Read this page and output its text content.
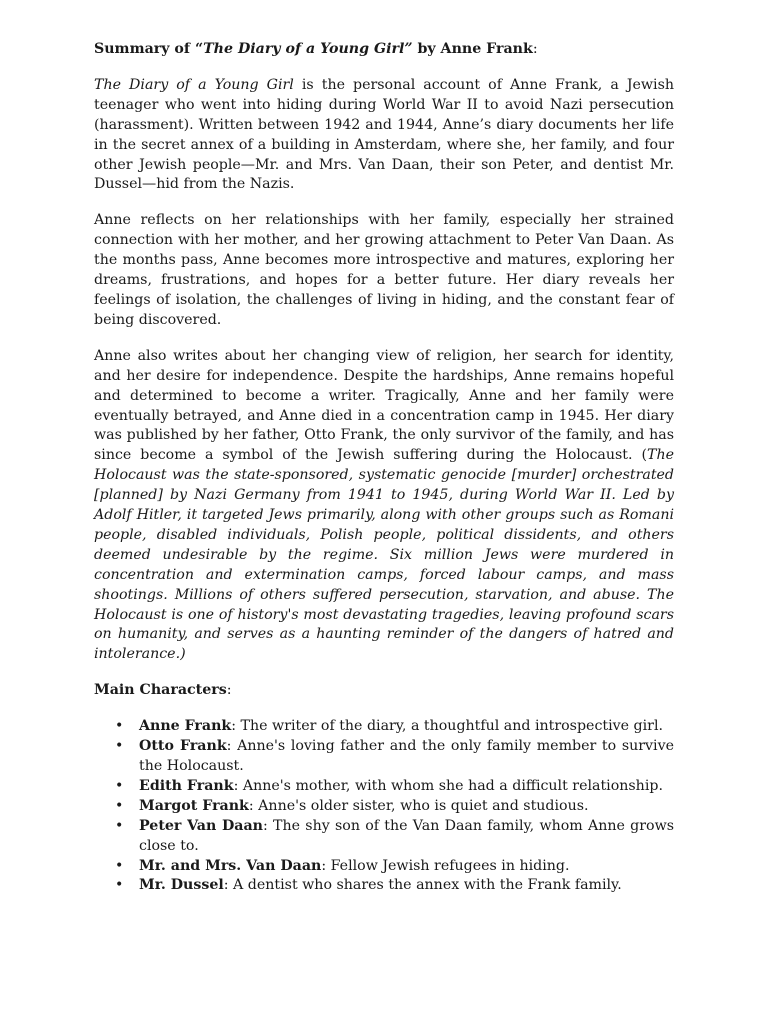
Summary of “The Diary of a Young Girl” by Anne Frank:

The Diary of a Young Girl is the personal account of Anne Frank, a Jewish teenager who went into hiding during World War II to avoid Nazi persecution (harassment). Written between 1942 and 1944, Anne’s diary documents her life in the secret annex of a building in Amsterdam, where she, her family, and four other Jewish people—Mr. and Mrs. Van Daan, their son Peter, and dentist Mr. Dussel—hid from the Nazis.

Anne reflects on her relationships with her family, especially her strained connection with her mother, and her growing attachment to Peter Van Daan. As the months pass, Anne becomes more introspective and matures, exploring her dreams, frustrations, and hopes for a better future. Her diary reveals her feelings of isolation, the challenges of living in hiding, and the constant fear of being discovered.

Anne also writes about her changing view of religion, her search for identity, and her desire for independence. Despite the hardships, Anne remains hopeful and determined to become a writer. Tragically, Anne and her family were eventually betrayed, and Anne died in a concentration camp in 1945. Her diary was published by her father, Otto Frank, the only survivor of the family, and has since become a symbol of the Jewish suffering during the Holocaust. (The Holocaust was the state-sponsored, systematic genocide [murder] orchestrated [planned] by Nazi Germany from 1941 to 1945, during World War II. Led by Adolf Hitler, it targeted Jews primarily, along with other groups such as Romani people, disabled individuals, Polish people, political dissidents, and others deemed undesirable by the regime. Six million Jews were murdered in concentration and extermination camps, forced labour camps, and mass shootings. Millions of others suffered persecution, starvation, and abuse. The Holocaust is one of history's most devastating tragedies, leaving profound scars on humanity, and serves as a haunting reminder of the dangers of hatred and intolerance.)

Main Characters:
• Anne Frank: The writer of the diary, a thoughtful and introspective girl.
• Otto Frank: Anne's loving father and the only family member to survive the Holocaust.
• Edith Frank: Anne's mother, with whom she had a difficult relationship.
• Margot Frank: Anne's older sister, who is quiet and studious.
• Peter Van Daan: The shy son of the Van Daan family, whom Anne grows close to.
• Mr. and Mrs. Van Daan: Fellow Jewish refugees in hiding.
• Mr. Dussel: A dentist who shares the annex with the Frank family.
